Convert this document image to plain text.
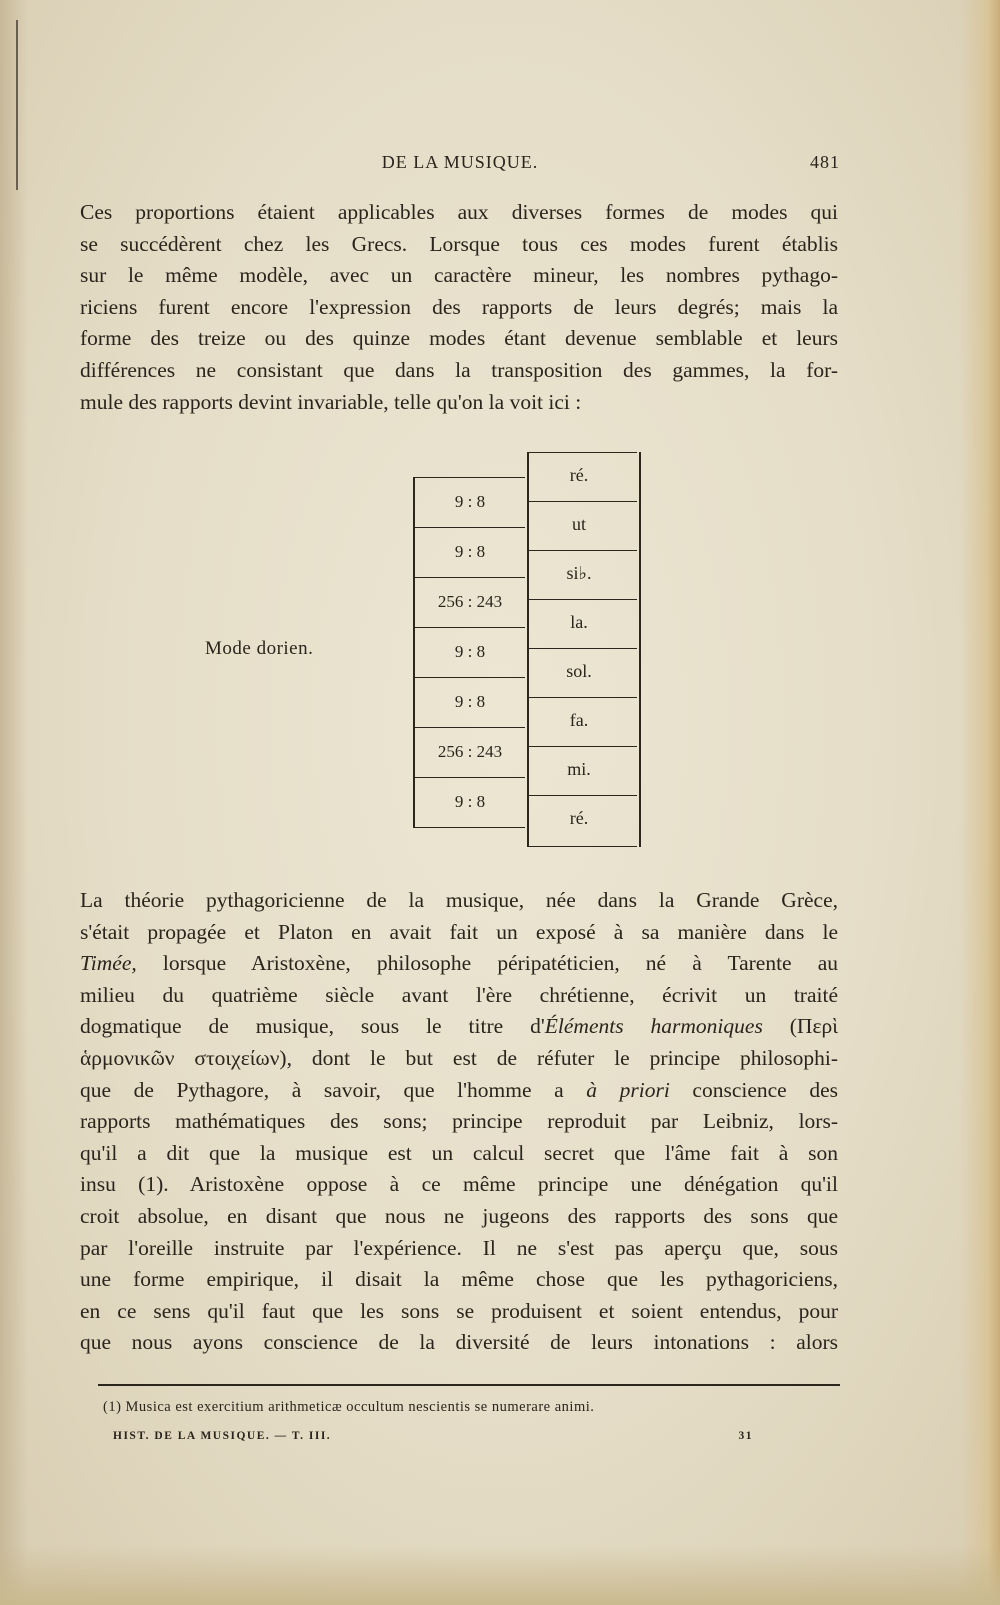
DE LA MUSIQUE.	481

Ces proportions étaient applicables aux diverses formes de modes qui
se succédèrent chez les Grecs. Lorsque tous ces modes furent établis
sur le même modèle, avec un caractère mineur, les nombres pythago-
riciens furent encore l'expression des rapports de leurs degrés; mais la
forme des treize ou des quinze modes étant devenue semblable et leurs
différences ne consistant que dans la transposition des gammes, la for-
mule des rapports devint invariable, telle qu'on la voit ici :

Mode dorien.
9 : 8
9 : 8
256 : 243
9 : 8
9 : 8
256 : 243
9 : 8
ré.
ut
si♭.
la.
sol.
fa.
mi.
ré.

La théorie pythagoricienne de la musique, née dans la Grande Grèce,
s'était propagée et Platon en avait fait un exposé à sa manière dans le
Timée, lorsque Aristoxène, philosophe péripatéticien, né à Tarente au
milieu du quatrième siècle avant l'ère chrétienne, écrivit un traité
dogmatique de musique, sous le titre d'Éléments harmoniques (Περὶ
ἁρμονικῶν στοιχείων), dont le but est de réfuter le principe philosophi-
que de Pythagore, à savoir, que l'homme a à priori conscience des
rapports mathématiques des sons; principe reproduit par Leibniz, lors-
qu'il a dit que la musique est un calcul secret que l'âme fait à son
insu (1). Aristoxène oppose à ce même principe une dénégation qu'il
croit absolue, en disant que nous ne jugeons des rapports des sons que
par l'oreille instruite par l'expérience. Il ne s'est pas aperçu que, sous
une forme empirique, il disait la même chose que les pythagoriciens,
en ce sens qu'il faut que les sons se produisent et soient entendus, pour
que nous ayons conscience de la diversité de leurs intonations : alors

(1) Musica est exercitium arithmeticæ occultum nescientis se numerare animi.
HIST. DE LA MUSIQUE. — T. III.	31
